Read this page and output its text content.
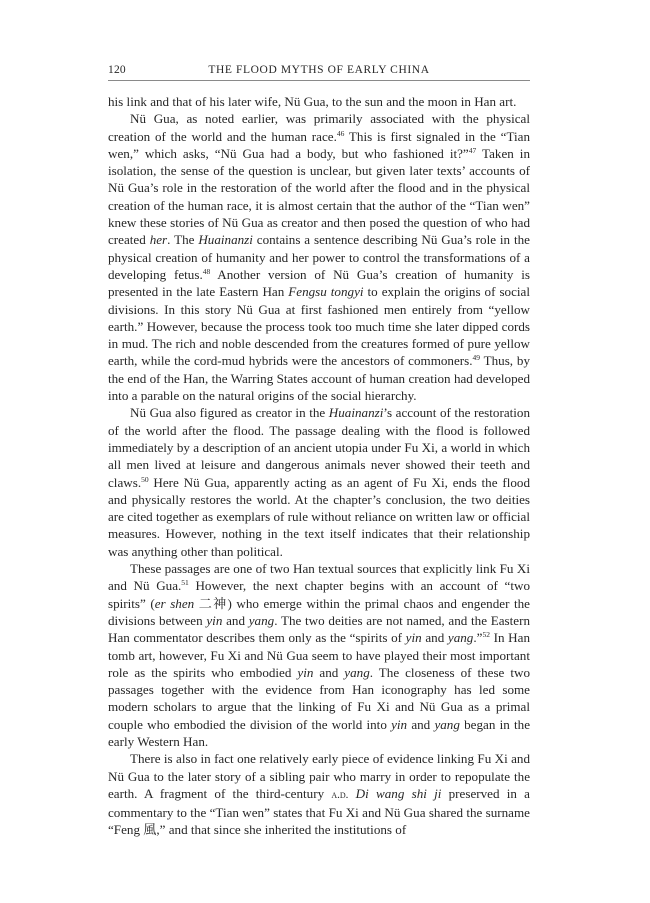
120	THE FLOOD MYTHS OF EARLY CHINA

his link and that of his later wife, Nü Gua, to the sun and the moon in Han art.

Nü Gua, as noted earlier, was primarily associated with the physical creation of the world and the human race.$^{46}$ This is first signaled in the “Tian wen,” which asks, “Nü Gua had a body, but who fashioned it?”$^{47}$ Taken in isolation, the sense of the question is unclear, but given later texts’ accounts of Nü Gua’s role in the restoration of the world after the flood and in the physical creation of the human race, it is almost certain that the author of the “Tian wen” knew these stories of Nü Gua as creator and then posed the question of who had created her. The Huainanzi contains a sentence describing Nü Gua’s role in the physical creation of humanity and her power to control the transformations of a developing fetus.$^{48}$ Another version of Nü Gua’s creation of humanity is presented in the late Eastern Han Fengsu tongyi to explain the origins of social divisions. In this story Nü Gua at first fashioned men entirely from “yellow earth.” However, because the process took too much time she later dipped cords in mud. The rich and noble descended from the creatures formed of pure yellow earth, while the cord-mud hybrids were the ancestors of commoners.$^{49}$ Thus, by the end of the Han, the Warring States account of human creation had developed into a parable on the natural origins of the social hierarchy.

Nü Gua also figured as creator in the Huainanzi’s account of the restoration of the world after the flood. The passage dealing with the flood is followed immediately by a description of an ancient utopia under Fu Xi, a world in which all men lived at leisure and dangerous animals never showed their teeth and claws.$^{50}$ Here Nü Gua, apparently acting as an agent of Fu Xi, ends the flood and physically restores the world. At the chapter’s conclusion, the two deities are cited together as exemplars of rule without reliance on written law or official measures. However, nothing in the text itself indicates that their relationship was anything other than political.

These passages are one of two Han textual sources that explicitly link Fu Xi and Nü Gua.$^{51}$ However, the next chapter begins with an account of “two spirits” (er shen 二神) who emerge within the primal chaos and engender the divisions between yin and yang. The two deities are not named, and the Eastern Han commentator describes them only as the “spirits of yin and yang.”$^{52}$ In Han tomb art, however, Fu Xi and Nü Gua seem to have played their most important role as the spirits who embodied yin and yang. The closeness of these two passages together with the evidence from Han iconography has led some modern scholars to argue that the linking of Fu Xi and Nü Gua as a primal couple who embodied the division of the world into yin and yang began in the early Western Han.

There is also in fact one relatively early piece of evidence linking Fu Xi and Nü Gua to the later story of a sibling pair who marry in order to repopulate the earth. A fragment of the third-century a.d. Di wang shi ji preserved in a commentary to the “Tian wen” states that Fu Xi and Nü Gua shared the surname “Feng 風,” and that since she inherited the institutions of
